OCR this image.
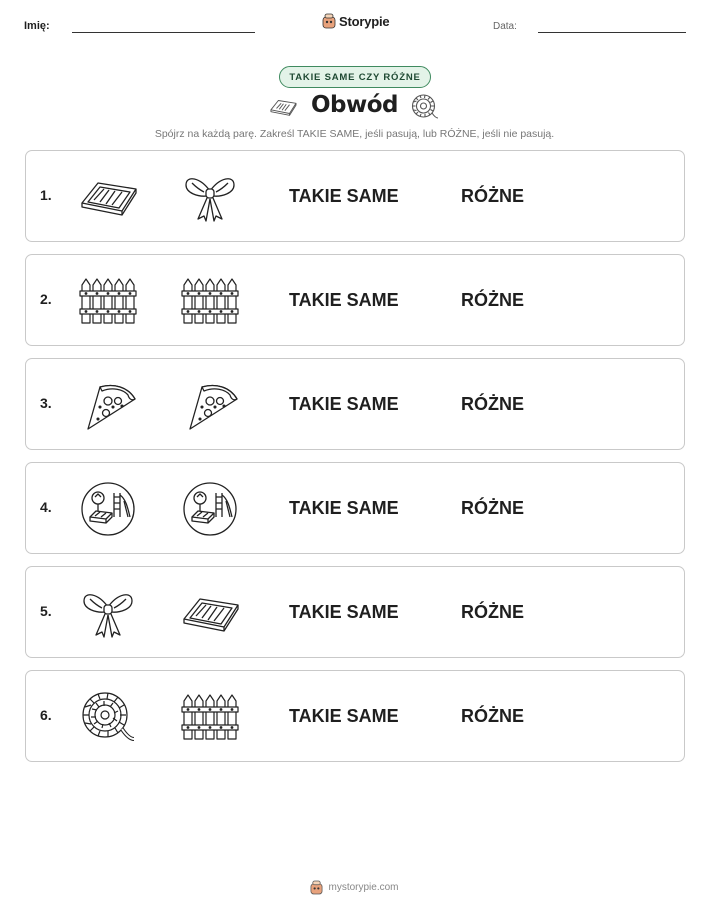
Imię:	Storypie	Data:
TAKIE SAME CZY RÓŻNE
Obwód
Spójrz na każdą parę. Zakreśl TAKIE SAME, jeśli pasują, lub RÓŻNE, jeśli nie pasują.
1.	TAKIE SAME	RÓŻNE
2.	TAKIE SAME	RÓŻNE
3.	TAKIE SAME	RÓŻNE
4.	TAKIE SAME	RÓŻNE
5.	TAKIE SAME	RÓŻNE
6.	TAKIE SAME	RÓŻNE
mystorypie.com
